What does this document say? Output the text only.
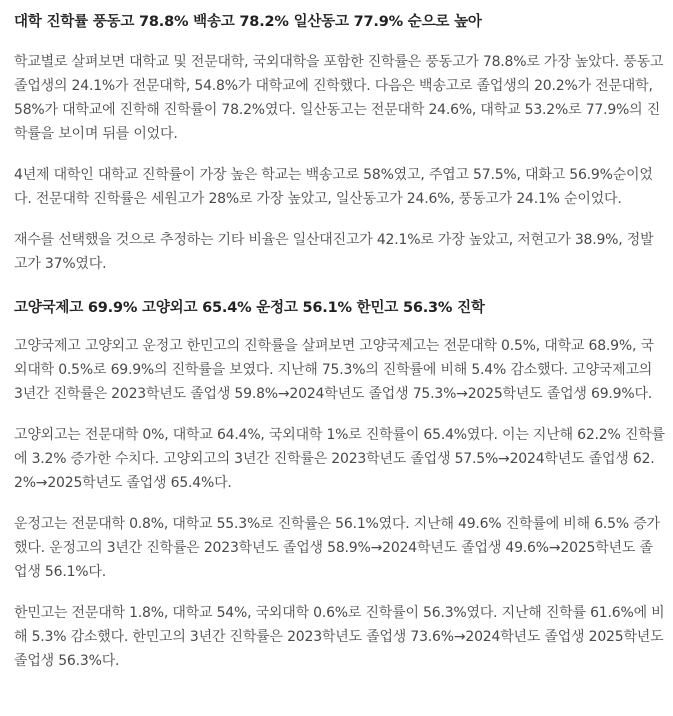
대학 진학률 풍동고 78.8% 백송고 78.2% 일산동고 77.9% 순으로 높아

학교별로 살펴보면 대학교 및 전문대학, 국외대학을 포함한 진학률은 풍동고가 78.8%로 가장 높았다. 풍동고 졸업생의 24.1%가 전문대학, 54.8%가 대학교에 진학했다. 다음은 백송고로 졸업생의 20.2%가 전문대학, 58%가 대학교에 진학해 진학률이 78.2%였다. 일산동고는 전문대학 24.6%, 대학교 53.2%로 77.9%의 진학률을 보이며 뒤를 이었다.

4년제 대학인 대학교 진학률이 가장 높은 학교는 백송고로 58%였고, 주엽고 57.5%, 대화고 56.9%순이었다. 전문대학 진학률은 세원고가 28%로 가장 높았고, 일산동고가 24.6%, 풍동고가 24.1% 순이었다.

재수를 선택했을 것으로 추정하는 기타 비율은 일산대진고가 42.1%로 가장 높았고, 저현고가 38.9%, 정발고가 37%였다.

고양국제고 69.9% 고양외고 65.4% 운정고 56.1% 한민고 56.3% 진학

고양국제고 고양외고 운정고 한민고의 진학률을 살펴보면 고양국제고는 전문대학 0.5%, 대학교 68.9%, 국외대학 0.5%로 69.9%의 진학률을 보였다. 지난해 75.3%의 진학률에 비해 5.4% 감소했다. 고양국제고의 3년간 진학률은 2023학년도 졸업생 59.8%→2024학년도 졸업생 75.3%→2025학년도 졸업생 69.9%다.

고양외고는 전문대학 0%, 대학교 64.4%, 국외대학 1%로 진학률이 65.4%였다. 이는 지난해 62.2% 진학률에 3.2% 증가한 수치다. 고양외고의 3년간 진학률은 2023학년도 졸업생 57.5%→2024학년도 졸업생 62.2%→2025학년도 졸업생 65.4%다.

운정고는 전문대학 0.8%, 대학교 55.3%로 진학률은 56.1%였다. 지난해 49.6% 진학률에 비해 6.5% 증가했다. 운정고의 3년간 진학률은 2023학년도 졸업생 58.9%→2024학년도 졸업생 49.6%→2025학년도 졸업생 56.1%다.

한민고는 전문대학 1.8%, 대학교 54%, 국외대학 0.6%로 진학률이 56.3%였다. 지난해 진학률 61.6%에 비해 5.3% 감소했다. 한민고의 3년간 진학률은 2023학년도 졸업생 73.6%→2024학년도 졸업생 2025학년도 졸업생 56.3%다.
